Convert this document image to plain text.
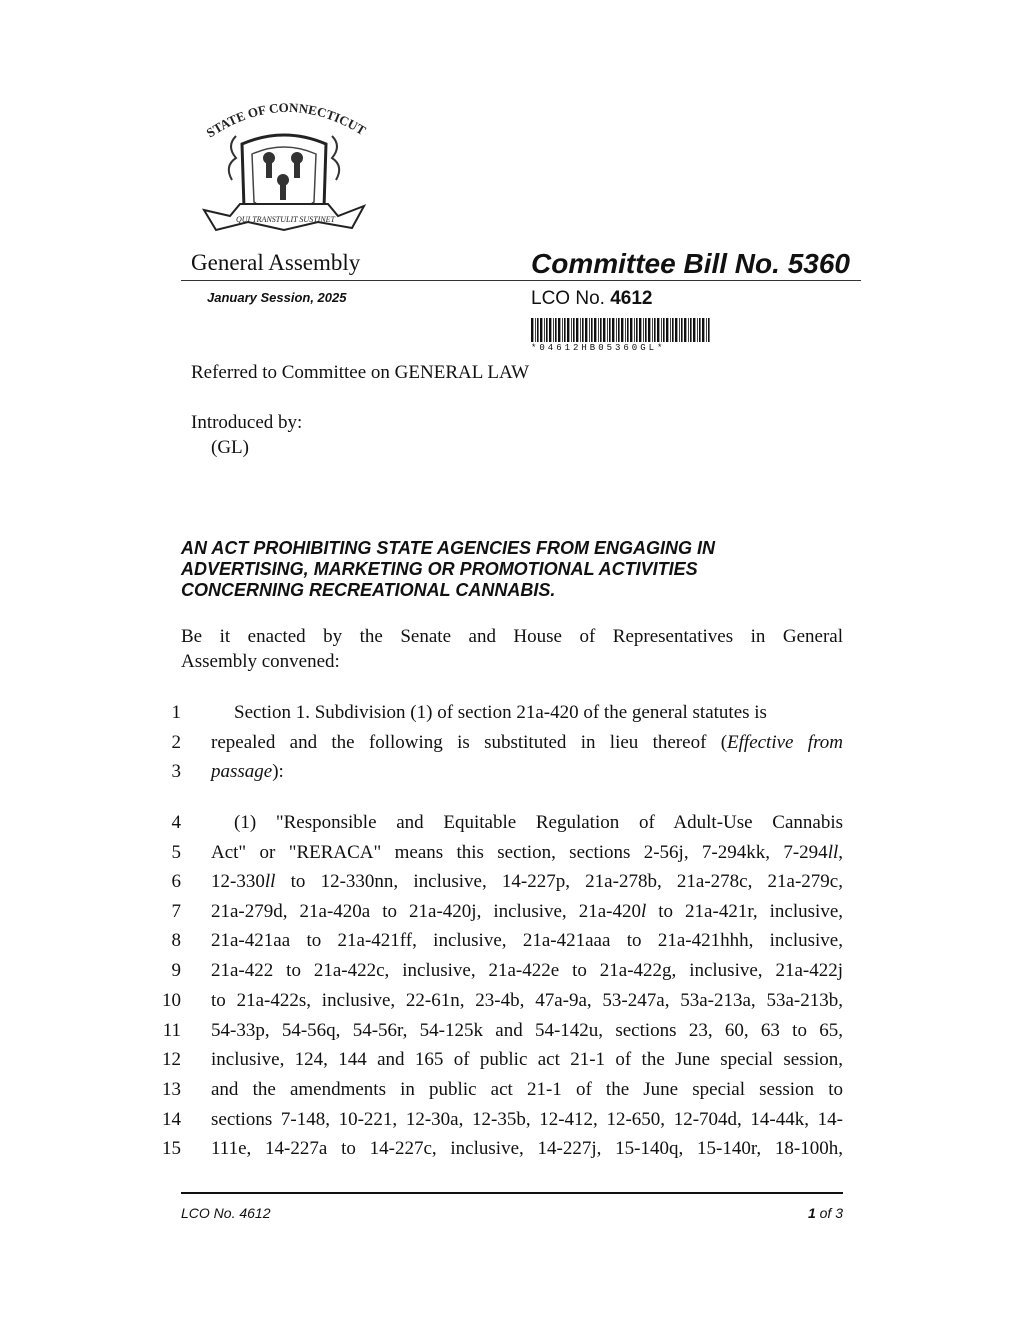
STATE OF CONNECTICUT
QUI TRANSTULIT SUSTINET
General Assembly	Committee Bill No. 5360
January Session, 2025	LCO No. 4612
*04612HB05360GL*
Referred to Committee on GENERAL LAW
Introduced by:
(GL)
AN ACT PROHIBITING STATE AGENCIES FROM ENGAGING IN
ADVERTISING, MARKETING OR PROMOTIONAL ACTIVITIES
CONCERNING RECREATIONAL CANNABIS.
Be it enacted by the Senate and House of Representatives in General
Assembly convened:
1	Section 1. Subdivision (1) of section 21a-420 of the general statutes is
2 repealed and the following is substituted in lieu thereof (Effective from
3 passage):
4	(1) "Responsible and Equitable Regulation of Adult-Use Cannabis
5 Act" or "RERACA" means this section, sections 2-56j, 7-294kk, 7-294ll,
6 12-330ll to 12-330nn, inclusive, 14-227p, 21a-278b, 21a-278c, 21a-279c,
7 21a-279d, 21a-420a to 21a-420j, inclusive, 21a-420l to 21a-421r, inclusive,
8 21a-421aa to 21a-421ff, inclusive, 21a-421aaa to 21a-421hhh, inclusive,
9 21a-422 to 21a-422c, inclusive, 21a-422e to 21a-422g, inclusive, 21a-422j
10 to 21a-422s, inclusive, 22-61n, 23-4b, 47a-9a, 53-247a, 53a-213a, 53a-213b,
11 54-33p, 54-56q, 54-56r, 54-125k and 54-142u, sections 23, 60, 63 to 65,
12 inclusive, 124, 144 and 165 of public act 21-1 of the June special session,
13 and the amendments in public act 21-1 of the June special session to
14 sections 7-148, 10-221, 12-30a, 12-35b, 12-412, 12-650, 12-704d, 14-44k, 14-
15 111e, 14-227a to 14-227c, inclusive, 14-227j, 15-140q, 15-140r, 18-100h,
LCO No. 4612	1 of 3
